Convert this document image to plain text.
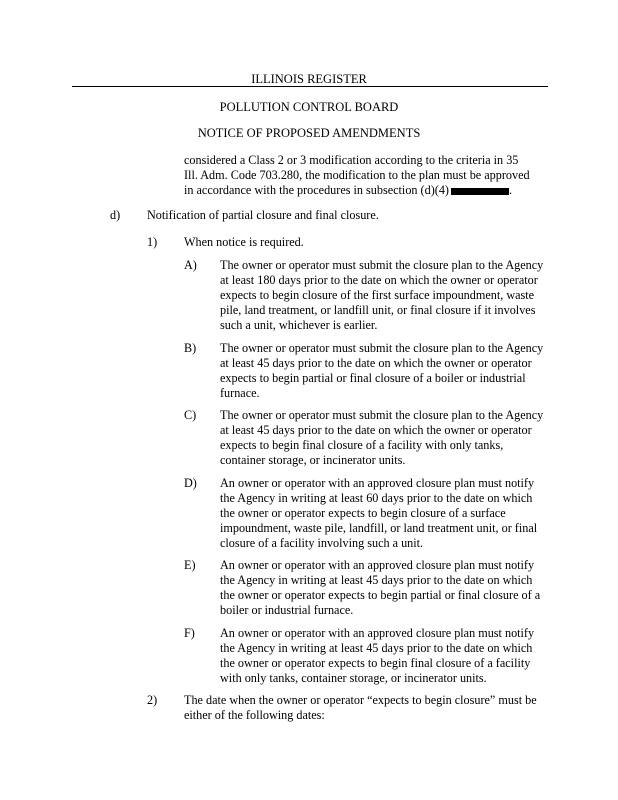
ILLINOIS REGISTER
POLLUTION CONTROL BOARD
NOTICE OF PROPOSED AMENDMENTS
considered a Class 2 or 3 modification according to the criteria in 35 Ill. Adm. Code 703.280, the modification to the plan must be approved in accordance with the procedures in subsection (d)(4)	.
d) Notification of partial closure and final closure.
1) When notice is required.
A) The owner or operator must submit the closure plan to the Agency at least 180 days prior to the date on which the owner or operator expects to begin closure of the first surface impoundment, waste pile, land treatment, or landfill unit, or final closure if it involves such a unit, whichever is earlier.
B) The owner or operator must submit the closure plan to the Agency at least 45 days prior to the date on which the owner or operator expects to begin partial or final closure of a boiler or industrial furnace.
C) The owner or operator must submit the closure plan to the Agency at least 45 days prior to the date on which the owner or operator expects to begin final closure of a facility with only tanks, container storage, or incinerator units.
D) An owner or operator with an approved closure plan must notify the Agency in writing at least 60 days prior to the date on which the owner or operator expects to begin closure of a surface impoundment, waste pile, landfill, or land treatment unit, or final closure of a facility involving such a unit.
E) An owner or operator with an approved closure plan must notify the Agency in writing at least 45 days prior to the date on which the owner or operator expects to begin partial or final closure of a boiler or industrial furnace.
F) An owner or operator with an approved closure plan must notify the Agency in writing at least 45 days prior to the date on which the owner or operator expects to begin final closure of a facility with only tanks, container storage, or incinerator units.
2) The date when the owner or operator “expects to begin closure” must be either of the following dates:
